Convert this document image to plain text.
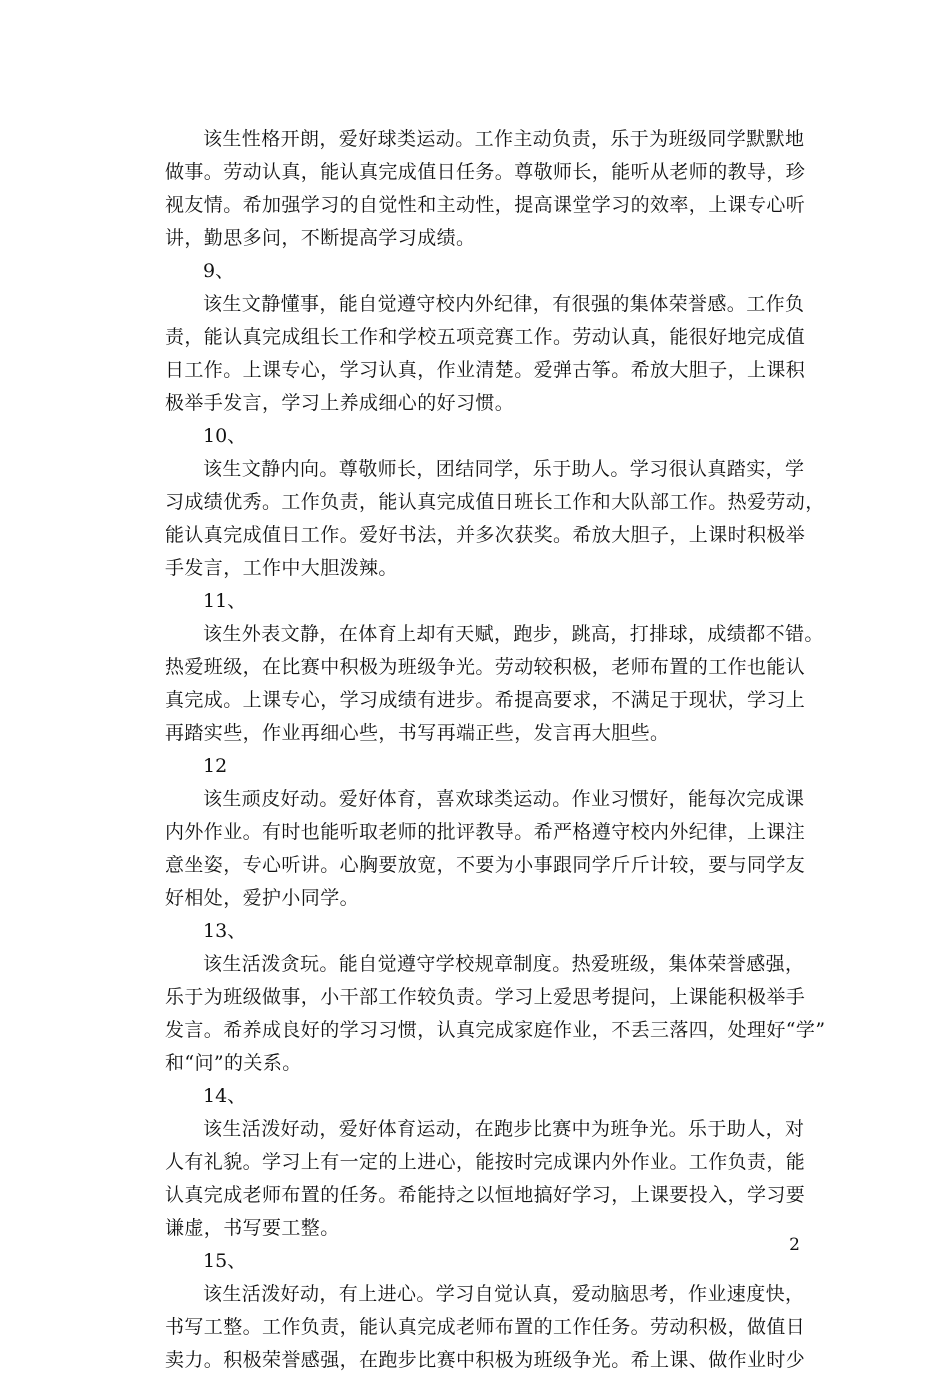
该生性格开朗，爱好球类运动。工作主动负责，乐于为班级同学默默地
做事。劳动认真，能认真完成值日任务。尊敬师长，能听从老师的教导，珍
视友情。希加强学习的自觉性和主动性，提高课堂学习的效率，上课专心听
讲，勤思多问，不断提高学习成绩。
9、
该生文静懂事，能自觉遵守校内外纪律，有很强的集体荣誉感。工作负
责，能认真完成组长工作和学校五项竞赛工作。劳动认真，能很好地完成值
日工作。上课专心，学习认真，作业清楚。爱弹古筝。希放大胆子，上课积
极举手发言，学习上养成细心的好习惯。
10、
该生文静内向。尊敬师长，团结同学，乐于助人。学习很认真踏实，学
习成绩优秀。工作负责，能认真完成值日班长工作和大队部工作。热爱劳动，
能认真完成值日工作。爱好书法，并多次获奖。希放大胆子，上课时积极举
手发言，工作中大胆泼辣。
11、
该生外表文静，在体育上却有天赋，跑步，跳高，打排球，成绩都不错。
热爱班级，在比赛中积极为班级争光。劳动较积极，老师布置的工作也能认
真完成。上课专心，学习成绩有进步。希提高要求，不满足于现状，学习上
再踏实些，作业再细心些，书写再端正些，发言再大胆些。
12
该生顽皮好动。爱好体育，喜欢球类运动。作业习惯好，能每次完成课
内外作业。有时也能听取老师的批评教导。希严格遵守校内外纪律，上课注
意坐姿，专心听讲。心胸要放宽，不要为小事跟同学斤斤计较，要与同学友
好相处，爱护小同学。
13、
该生活泼贪玩。能自觉遵守学校规章制度。热爱班级，集体荣誉感强，
乐于为班级做事，小干部工作较负责。学习上爱思考提问，上课能积极举手
发言。希养成良好的学习习惯，认真完成家庭作业，不丢三落四，处理好“学”
和“问”的关系。
14、
该生活泼好动，爱好体育运动，在跑步比赛中为班争光。乐于助人，对
人有礼貌。学习上有一定的上进心，能按时完成课内外作业。工作负责，能
认真完成老师布置的任务。希能持之以恒地搞好学习，上课要投入，学习要
谦虚，书写要工整。
15、
该生活泼好动，有上进心。学习自觉认真，爱动脑思考，作业速度快，
书写工整。工作负责，能认真完成老师布置的工作任务。劳动积极，做值日
卖力。积极荣誉感强，在跑步比赛中积极为班级争光。希上课、做作业时少
2
